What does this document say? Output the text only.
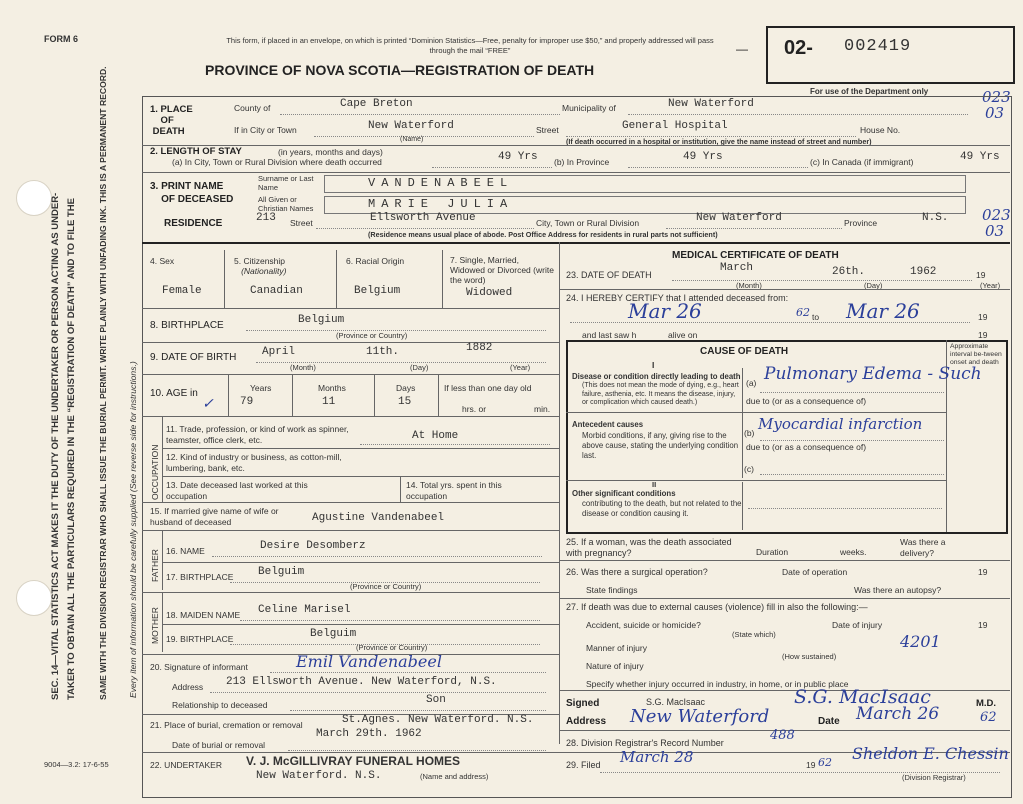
SEC. 14—VITAL STATISTICS ACT MAKES IT THE DUTY OF THE UNDERTAKER OR PERSON ACTING AS UNDER- TAKER TO OBTAIN ALL THE PARTICULARS REQUIRED IN THE “REGISTRATION OF DEATH” AND TO FILE THE SAME WITH THE DIVISION REGISTRAR WHO SHALL ISSUE THE BURIAL PERMIT. WRITE PLAINLY WITH UNFADING INK. THIS IS A PERMANENT RECORD. Every item of information should be carefully supplied (See reverse side for instructions.)
FORM 6	This form, if placed in an envelope, on which is printed “Dominion Statistics—Free, penalty for improper use $50,” and properly addressed will pass through the mail “FREE”
PROVINCE OF NOVA SCOTIA—REGISTRATION OF DEATH
— 02- 002419
For use of the Department only	023
03
1. PLACE
OF
DEATH
County of	Cape Breton	Municipality of	New Waterford
If in City or Town	New Waterford
(Name)
Street	General Hospital	House No.
(If death occurred in a hospital or institution, give the name instead of street and number)
2. LENGTH OF STAY	(in years, months and days)
(a) In City, Town or Rural Division where death occurred	49 Yrs (b) In Province	49 Yrs	(c) In Canada (if immigrant)	49 Yrs
3. PRINT NAME
OF DECEASED
Surname or Last Name	VANDENABEEL
All Given or Christian Names	MARIE JULIA
RESIDENCE	213 Street	Ellsworth Avenue	City, Town or Rural Division	New Waterford	Province	N.S. 023
03
(Residence means usual place of abode. Post Office Address for residents in rural parts not sufficient)
4. Sex
Female
5. Citizenship
(Nationality)
Canadian
6. Racial Origin
Belgium
7. Single, Married, Widowed or Divorced (write the word)
Widowed
8. BIRTHPLACE	Belgium
(Province or Country)
9. DATE OF BIRTH April	11th.	1882
(Month)	(Day)	(Year)
10. AGE in
✓
Years	Months	Days
79	11	15
If less than one day old
hrs. or	min.
OCCUPATION
11. Trade, profession, or kind of work as spinner, teamster, office clerk, etc.	At Home
12. Kind of industry or business, as cotton-mill, lumbering, bank, etc.
13. Date deceased last worked at this occupation
14. Total yrs. spent in this occupation
15. If married give name of wife or husband of deceased	Agustine Vandenabeel
FATHER 16. NAME	Desire Desomberz
17. BIRTHPLACE Belguim
(Province or Country)
MOTHER 18. MAIDEN NAME Celine Marisel
19. BIRTHPLACE	Belguim
(Province or Country)
20. Signature of informant	Emil Vandenabeel
Address 213 Ellsworth Avenue. New Waterford, N.S.
Relationship to deceased	Son
21. Place of burial, cremation or removal	St.Agnes. New Waterford. N.S.
Date of burial or removal
March 29th. 1962
22. UNDERTAKER V. J. McGILLIVRAY FUNERAL HOMES
New Waterford. N.S.	(Name and address)
9004—3.2: 17-6-55
MEDICAL CERTIFICATE OF DEATH
23. DATE OF DEATH
March	26th.	1962	19
(Month)	(Day)	(Year)
24. I HEREBY CERTIFY that I attended deceased from:
Mar 26	62 to Mar 26	19
and last saw h	alive on	19
CAUSE OF DEATH	Approximate interval be-tween onset and death
I
Disease or condition directly leading to death
(This does not mean the mode of dying, e.g., heart failure, asthenia, etc. It means the disease, injury, or complication which caused death.)
(a) Pulmonary Edema - Such
due to (or as a consequence of)
Antecedent causes
Morbid conditions, if any, giving rise to the above cause, stating the underlying condition last.
(b) Myocardial infarction
due to (or as a consequence of)
(c)
II
Other significant conditions
contributing to the death, but not related to the disease or condition causing it.
25. If a woman, was the death associated with pregnancy?	Duration	weeks.
Was there a delivery?
26. Was there a surgical operation?	Date of operation	19
State findings	Was there an autopsy?
27. If death was due to external causes (violence) fill in also the following:—
Accident, suicide or homicide?	Date of injury	19
(State which)
Manner of injury	4201
(How sustained)
Nature of injury
Specify whether injury occurred in industry, in home, or in public place
Signed	S.G. MacIsaac	S.G. MacIsaac	M.D.
Address New Waterford	Date March 26	62
28. Division Registrar's Record Number	488
29. Filed March 28	19 62 Sheldon E. Chessin
(Division Registrar)
